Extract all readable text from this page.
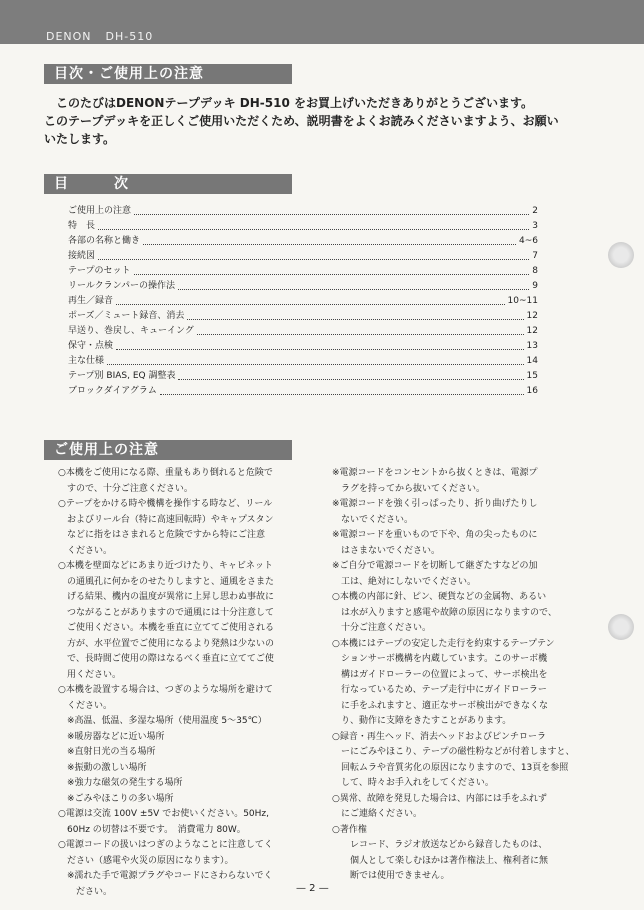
DENON DH-510
目次・ご使用上の注意
このたびはDENONテープデッキ DH-510 をお買上げいただきありがとうございます。
このテープデッキを正しくご使用いただくため、説明書をよくお読みくださいますよう、お願い
いたします。
目　　　次
ご使用上の注意	2
特　長	3
各部の名称と働き	4~6
接続図	7
テープのセット	8
リールクランパーの操作法	9
再生／録音	10~11
ポーズ／ミュート録音、消去	12
早送り、巻戻し、キューイング	12
保守・点検	13
主な仕様	14
テープ別 BIAS, EQ 調整表	15
ブロックダイアグラム	16
ご使用上の注意

○本機をご使用になる際、重量もあり倒れると危険で

　すので、十分ご注意ください。

○テープをかける時や機構を操作する時など、リール

　およびリール台（特に高速回転時）やキャプスタン

　などに指をはさまれると危険ですから特にご注意

　ください。

○本機を壁面などにあまり近づけたり、キャビネット

　の通風孔に何かをのせたりしますと、通風をさまた

　げる結果、機内の温度が異常に上昇し思わぬ事故に

　つながることがありますので通風には十分注意して

　ご使用ください。本機を垂直に立ててご使用される

　方が、水平位置でご使用になるより発熱は少ないの

　で、長時間ご使用の際はなるべく垂直に立ててご使

　用ください。

○本機を設置する場合は、つぎのような場所を避けて

　ください。

　※高温、低温、多湿な場所（使用温度 5～35℃）

　※暖房器などに近い場所

　※直射日光の当る場所

　※振動の激しい場所

　※強力な磁気の発生する場所

　※ごみやほこりの多い場所

○電源は交流 100V ±5V でお使いください。50Hz,

　60Hz の切替は不要です。　消費電力 80W。

○電源コードの扱いはつぎのようなことに注意してく

　ださい（感電や火災の原因になります）。

　※濡れた手で電源プラグやコードにさわらないでく

　　ださい。

※電源コードをコンセントから抜くときは、電源プ

　ラグを持ってから抜いてください。

※電源コードを強く引っぱったり、折り曲げたりし

　ないでください。

※電源コードを重いもので下や、角の尖ったものに

　はさまないでください。

※ご自分で電源コードを切断して継ぎたすなどの加

　工は、絶対にしないでください。

○本機の内部に針、ピン、硬貨などの金属物、あるい

　は水が入りますと感電や故障の原因になりますので、

　十分ご注意ください。

○本機にはテープの安定した走行を約束するテープテン

　ションサーボ機構を内蔵しています。このサーボ機

　構はガイドローラーの位置によって、サーボ検出を

　行なっているため、テープ走行中にガイドローラー

　に手をふれますと、適正なサーボ検出ができなくな

　り、動作に支障をきたすことがあります。

○録音・再生ヘッド、消去ヘッドおよびピンチローラ

　ーにごみやほこり、テープの磁性粉などが付着しますと、

　回転ムラや音質劣化の原因になりますので、13頁を参照

　して、時々お手入れをしてください。

○異常、故障を発見した場合は、内部には手をふれず

　にご連絡ください。

○著作権

　　レコード、ラジオ放送などから録音したものは、

　　個人として楽しむほかは著作権法上、権利者に無

　　断では使用できません。

— 2 —
